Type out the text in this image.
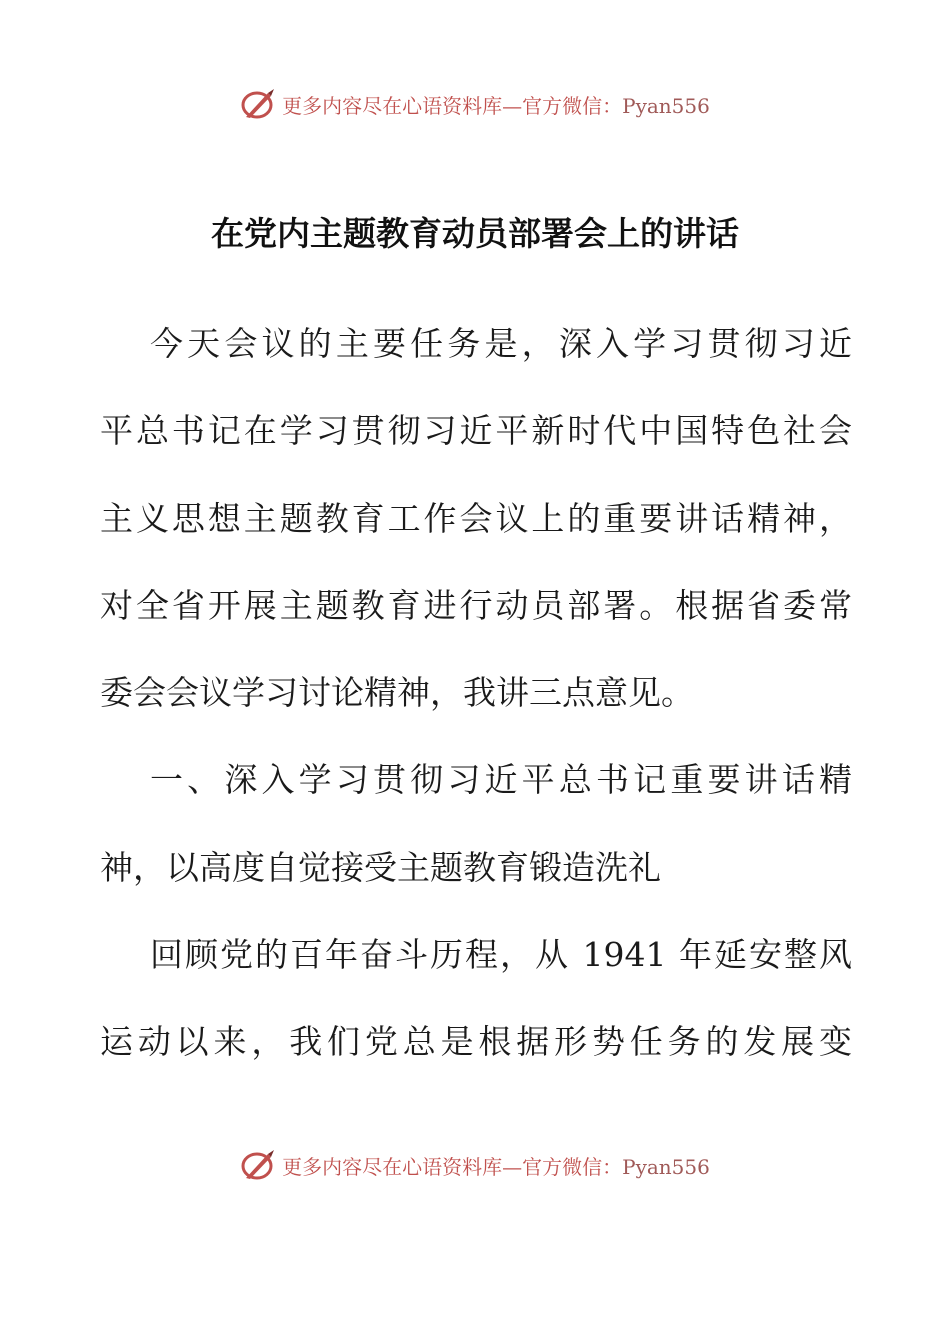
更多内容尽在心语资料库—官方微信：Pyan556
在党内主题教育动员部署会上的讲话
今天会议的主要任务是，深入学习贯彻习近
平总书记在学习贯彻习近平新时代中国特色社会
主义思想主题教育工作会议上的重要讲话精神，
对全省开展主题教育进行动员部署。根据省委常
委会会议学习讨论精神，我讲三点意见。
一、深入学习贯彻习近平总书记重要讲话精
神，以高度自觉接受主题教育锻造洗礼
回顾党的百年奋斗历程，从 1941 年延安整风
运动以来，我们党总是根据形势任务的发展变
更多内容尽在心语资料库—官方微信：Pyan556
